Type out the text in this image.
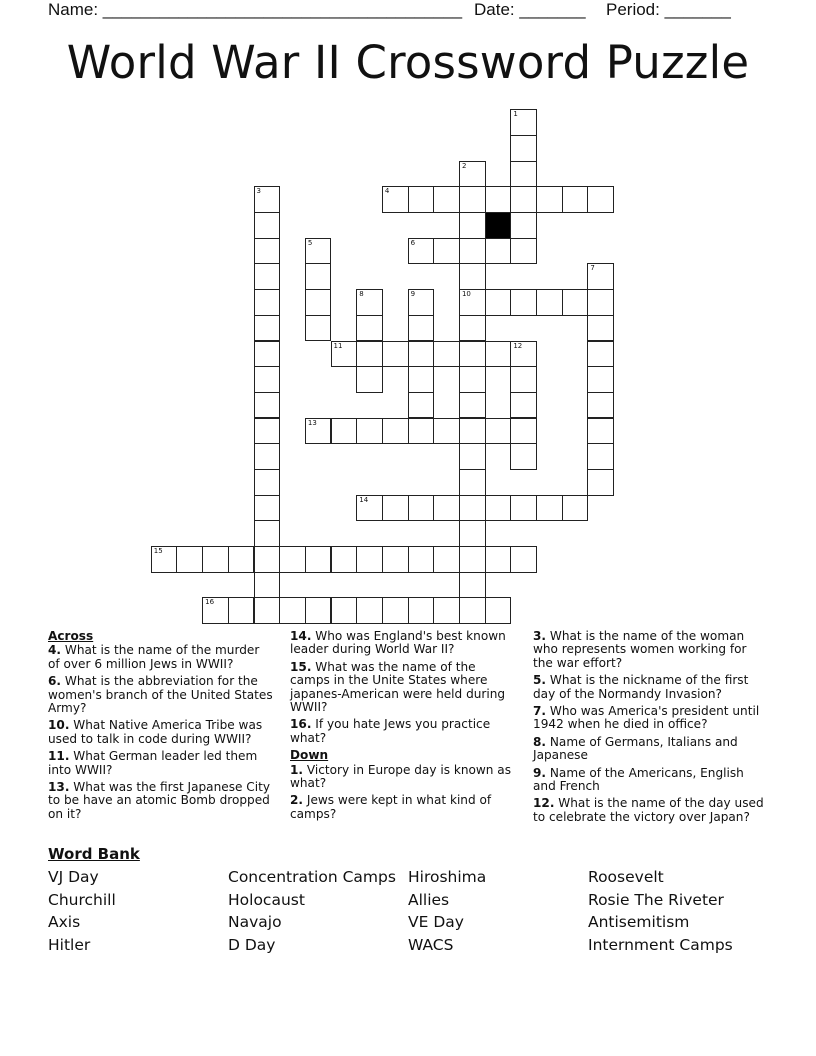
Name: ______________________________________ Date: _______ Period: _______
World War II Crossword Puzzle
4
6
10
11	12
13
14
15
16
1
2
3
5
8	9
7
Across
4. What is the name of the murder of over 6 million Jews in WWII?
6. What is the abbreviation for the women's branch of the United States Army?
10. What Native America Tribe was used to talk in code during WWII?
11. What German leader led them into WWII?
13. What was the first Japanese City to be have an atomic Bomb dropped on it?
14. Who was England's best known leader during World War II?
15. What was the name of the camps in the Unite States where japanes-American were held during WWII?
16. If you hate Jews you practice what?
Down
1. Victory in Europe day is known as what?
2. Jews were kept in what kind of camps?
3. What is the name of the woman who represents women working for the war effort?
5. What is the nickname of the first day of the Normandy Invasion?
7. Who was America's president until 1942 when he died in office?
8. Name of Germans, Italians and Japanese
9. Name of the Americans, English and French
12. What is the name of the day used to celebrate the victory over Japan?
Word Bank
VJ Day
Churchill
Axis
Hitler
Concentration Camps
Holocaust
Navajo
D Day
Hiroshima
Allies
VE Day
WACS
Roosevelt
Rosie The Riveter
Antisemitism
Internment Camps
